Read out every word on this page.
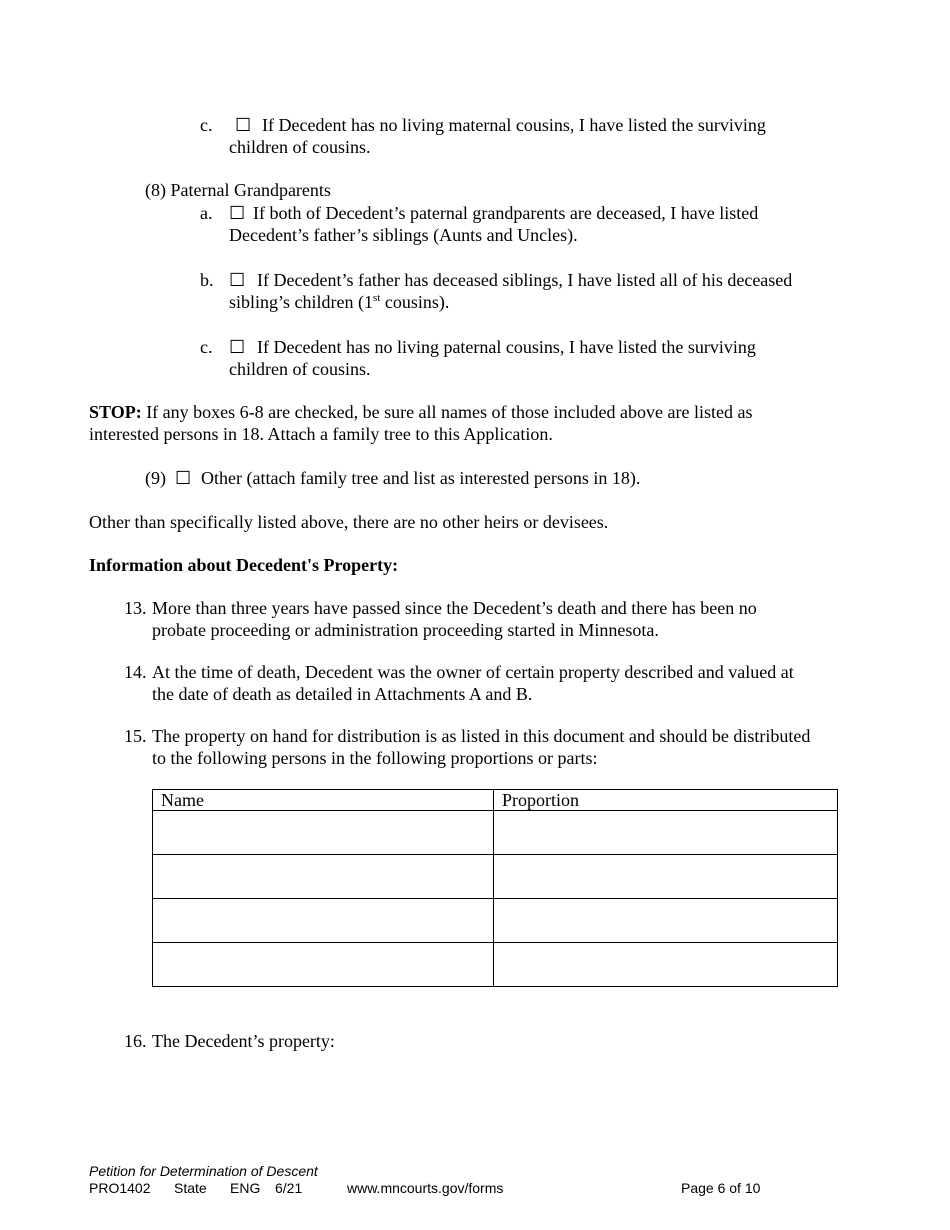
c. ☐ If Decedent has no living maternal cousins, I have listed the surviving
children of cousins.
(8) Paternal Grandparents
a. ☐ If both of Decedent’s paternal grandparents are deceased, I have listed
Decedent’s father’s siblings (Aunts and Uncles).
b. ☐ If Decedent’s father has deceased siblings, I have listed all of his deceased
sibling’s children (1st cousins).
c. ☐ If Decedent has no living paternal cousins, I have listed the surviving
children of cousins.
STOP: If any boxes 6-8 are checked, be sure all names of those included above are listed as
interested persons in 18. Attach a family tree to this Application.
(9) ☐ Other (attach family tree and list as interested persons in 18).
Other than specifically listed above, there are no other heirs or devisees.
Information about Decedent's Property:
13. More than three years have passed since the Decedent’s death and there has been no
probate proceeding or administration proceeding started in Minnesota.
14. At the time of death, Decedent was the owner of certain property described and valued at
the date of death as detailed in Attachments A and B.
15. The property on hand for distribution is as listed in this document and should be distributed
to the following persons in the following proportions or parts:
Name	Proportion

16. The Decedent’s property:
Petition for Determination of Descent
PRO1402 State ENG 6/21	www.mncourts.gov/forms	Page 6 of 10
